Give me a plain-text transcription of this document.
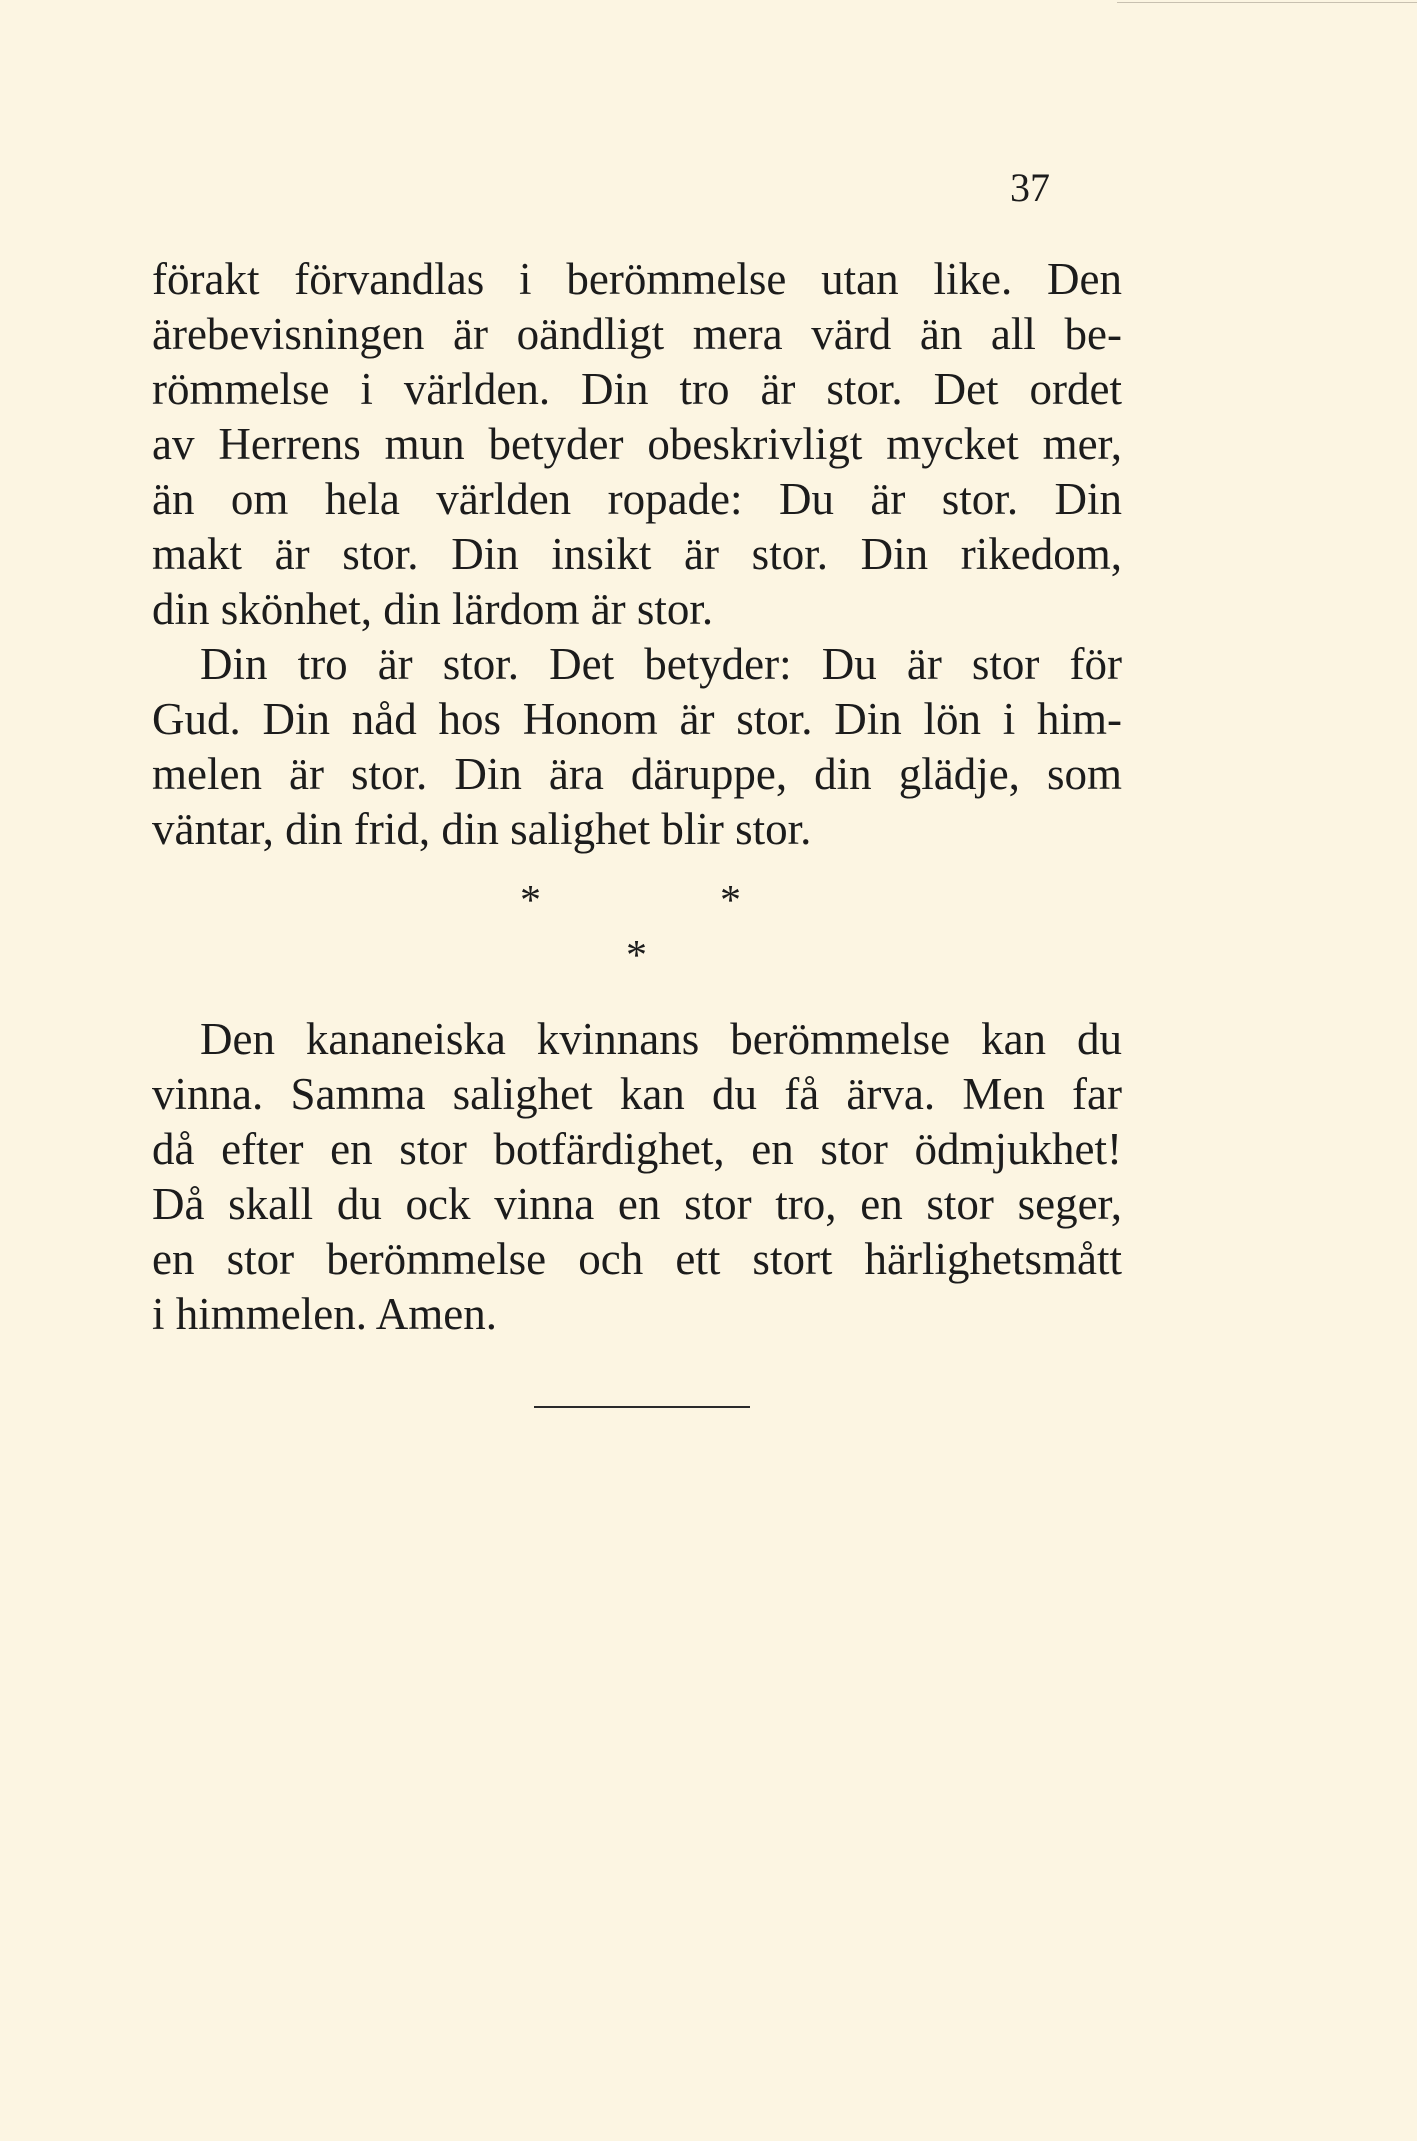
37
förakt förvandlas i berömmelse utan like. Den
ärebevisningen är oändligt mera värd än all be-
römmelse i världen. Din tro är stor. Det ordet
av Herrens mun betyder obeskrivligt mycket mer,
än om hela världen ropade: Du är stor. Din
makt är stor. Din insikt är stor. Din rikedom,
din skönhet, din lärdom är stor.
Din tro är stor. Det betyder: Du är stor för
Gud. Din nåd hos Honom är stor. Din lön i him-
melen är stor. Din ära däruppe, din glädje, som
väntar, din frid, din salighet blir stor.
*	*
*
Den kananeiska kvinnans berömmelse kan du
vinna. Samma salighet kan du få ärva. Men far
då efter en stor botfärdighet, en stor ödmjukhet!
Då skall du ock vinna en stor tro, en stor seger,
en stor berömmelse och ett stort härlighetsmått
i himmelen. Amen.
